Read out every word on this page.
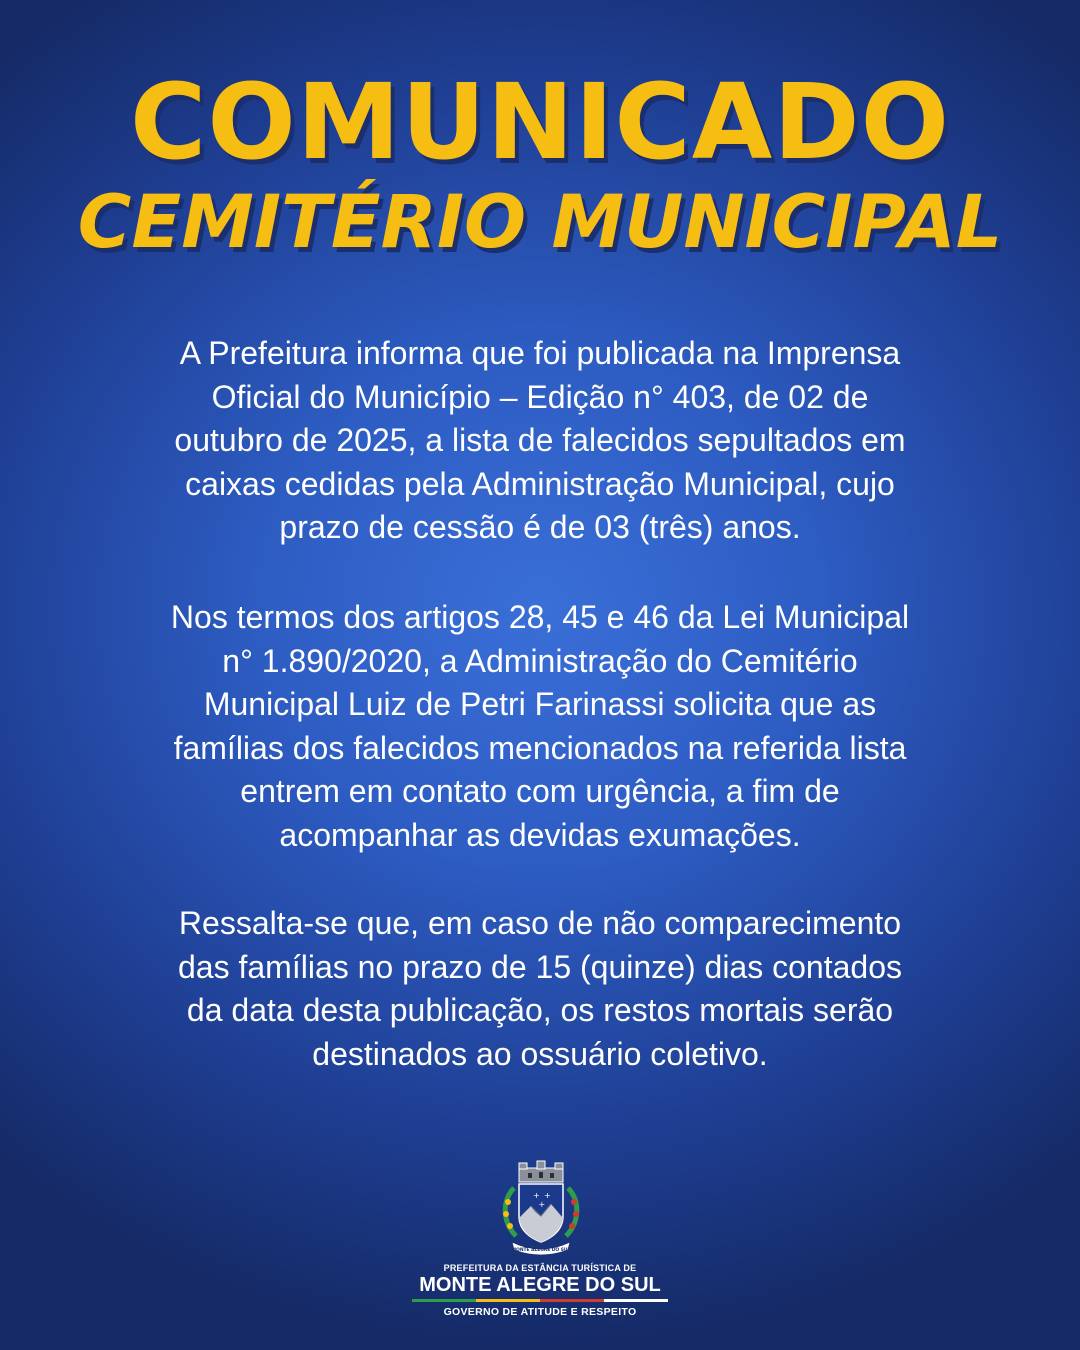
COMUNICADO
CEMITÉRIO MUNICIPAL

A Prefeitura informa que foi publicada na Imprensa
Oficial do Município – Edição n° 403, de 02 de
outubro de 2025, a lista de falecidos sepultados em
caixas cedidas pela Administração Municipal, cujo
prazo de cessão é de 03 (três) anos.

Nos termos dos artigos 28, 45 e 46 da Lei Municipal
n° 1.890/2020, a Administração do Cemitério
Municipal Luiz de Petri Farinassi solicita que as
famílias dos falecidos mencionados na referida lista
entrem em contato com urgência, a fim de
acompanhar as devidas exumações.

Ressalta-se que, em caso de não comparecimento
das famílias no prazo de 15 (quinze) dias contados
da data desta publicação, os restos mortais serão
destinados ao ossuário coletivo.

+ +
+
MONTE ALEGRE DO SUL
PREFEITURA DA ESTÂNCIA TURÍSTICA DE
MONTE ALEGRE DO SUL
GOVERNO DE ATITUDE E RESPEITO
